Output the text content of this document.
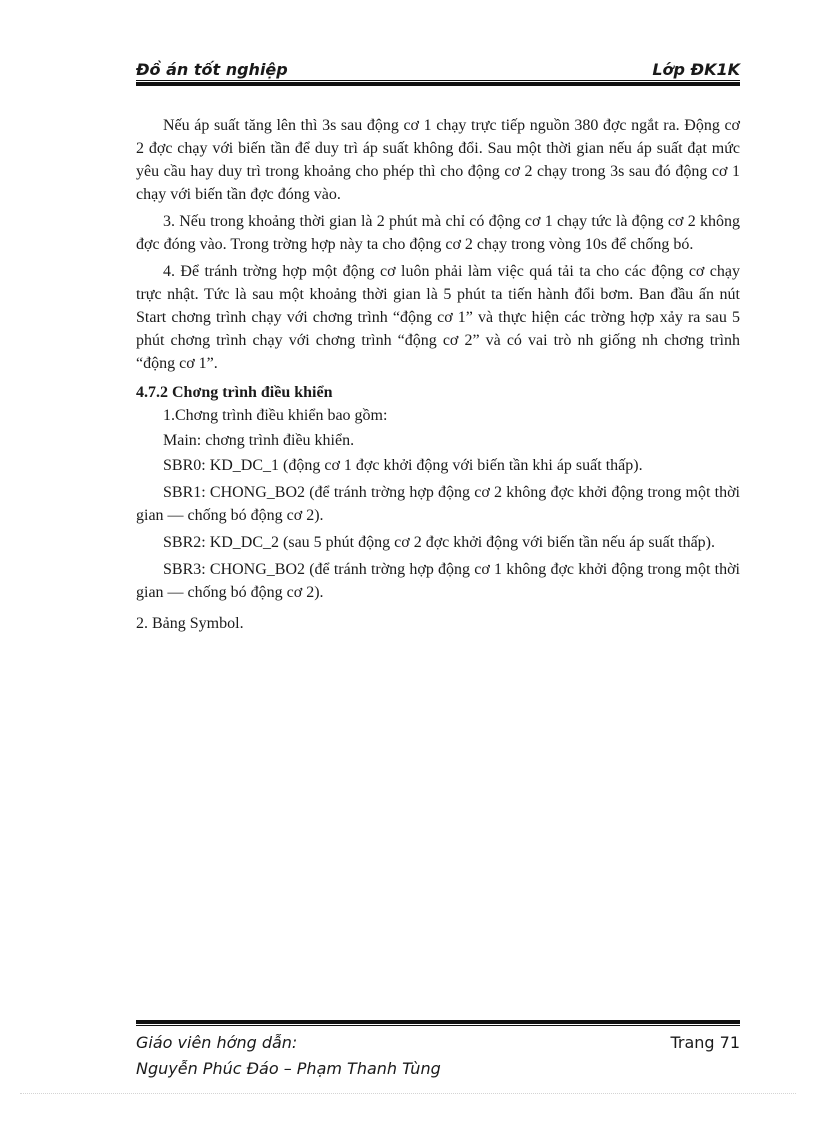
Đồ án tốt nghiệp	Lớp ĐK1K

Nếu áp suất tăng lên thì 3s sau động cơ 1 chạy trực tiếp nguồn 380 đợc ngắt ra. Động cơ 2 đợc chạy với biến tần để duy trì áp suất không đổi. Sau một thời gian nếu áp suất đạt mức yêu cầu hay duy trì trong khoảng cho phép thì cho động cơ 2 chạy trong 3s sau đó động cơ 1 chạy với biến tần đợc đóng vào.

3. Nếu trong khoảng thời gian là 2 phút mà chỉ có động cơ 1 chạy tức là động cơ 2 không đợc đóng vào. Trong trờng hợp này ta cho động cơ 2 chạy trong vòng 10s để chống bó.

4. Để tránh trờng hợp một động cơ luôn phải làm việc quá tải ta cho các động cơ chạy trực nhật. Tức là sau một khoảng thời gian là 5 phút ta tiến hành đổi bơm. Ban đầu ấn nút Start chơng trình chạy với chơng trình “động cơ 1” và thực hiện các trờng hợp xảy ra sau 5 phút chơng trình chạy với chơng trình “động cơ 2” và có vai trò nh giống nh chơng trình “động cơ 1”.

4.7.2 Chơng trình điều khiển

1.Chơng trình điều khiển bao gồm:

Main: chơng trình điều khiển.

SBR0: KD_DC_1 (động cơ 1 đợc khởi động với biến tần khi áp suất thấp).

SBR1: CHONG_BO2 (để tránh trờng hợp động cơ 2 không đợc khởi động trong một thời gian — chống bó động cơ 2).

SBR2: KD_DC_2 (sau 5 phút động cơ 2 đợc khởi động với biến tần nếu áp suất thấp).

SBR3: CHONG_BO2 (để tránh trờng hợp động cơ 1 không đợc khởi động trong một thời gian — chống bó động cơ 2).

2. Bảng Symbol.

Giáo viên hớng dẫn:
Nguyễn Phúc Đáo – Phạm Thanh Tùng
Trang 71
